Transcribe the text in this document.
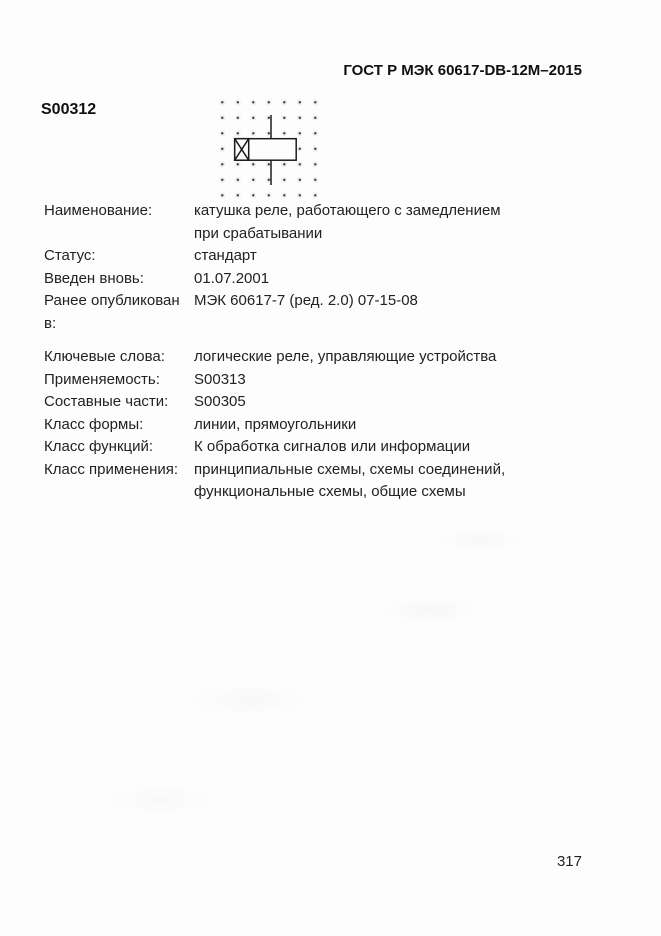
ГОСТ Р МЭК 60617-DB-12M–2015
S00312
Наименование:	катушка реле, работающего с замедлением при срабатывании
Статус:	стандарт
Введен вновь:	01.07.2001
Ранее опубликован в:
МЭК 60617-7 (ред. 2.0) 07-15-08
Ключевые слова:	логические реле, управляющие устройства
Применяемость:	S00313
Составные части:	S00305
Класс формы:	линии, прямоугольники
Класс функций:	К обработка сигналов или информации
Класс применения:	принципиальные схемы, схемы соединений, функциональные схемы, общие схемы
317
